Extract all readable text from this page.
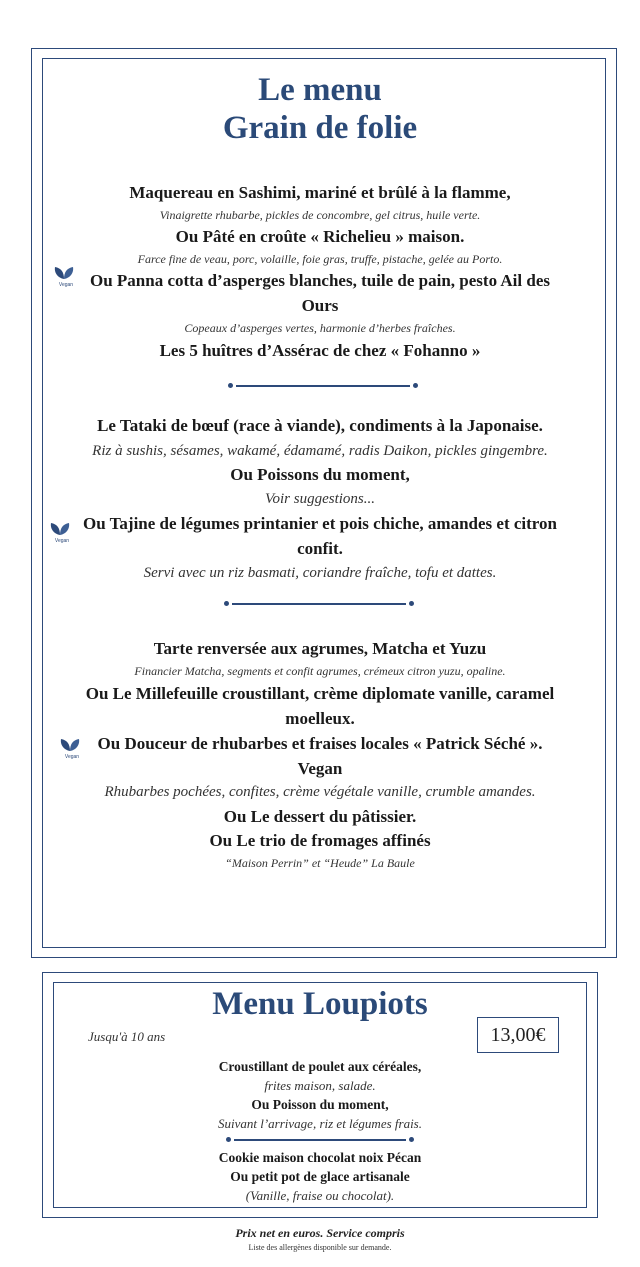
Le menu
Grain de folie
Maquereau en Sashimi, mariné et brûlé à la flamme,
Vinaigrette rhubarbe, pickles de concombre, gel citrus, huile verte.
Ou Pâté en croûte « Richelieu » maison.
Farce fine de veau, porc, volaille, foie gras, truffe, pistache, gelée au Porto.
Vegan Ou Panna cotta d’asperges blanches, tuile de pain, pesto Ail des
Ours
Copeaux d’asperges vertes, harmonie d’herbes fraîches.
Les 5 huîtres d’Assérac de chez « Fohanno »
Le Tataki de bœuf (race à viande), condiments à la Japonaise.
Riz à sushis, sésames, wakamé, édamamé, radis Daikon, pickles gingembre.
Ou Poissons du moment,
Voir suggestions...
Vegan
Ou Tajine de légumes printanier et pois chiche, amandes et citron
confit.
Servi avec un riz basmati, coriandre fraîche, tofu et dattes.
Tarte renversée aux agrumes, Matcha et Yuzu
Financier Matcha, segments et confit agrumes, crémeux citron yuzu, opaline.
Ou Le Millefeuille croustillant, crème diplomate vanille, caramel
moelleux.
Vegan
Ou Douceur de rhubarbes et fraises locales « Patrick Séché ».
Vegan
Rhubarbes pochées, confites, crème végétale vanille, crumble amandes.
Ou Le dessert du pâtissier.
Ou Le trio de fromages affinés
“Maison Perrin” et “Heude” La Baule
Menu Loupiots
Jusqu'à 10 ans	13,00€
Croustillant de poulet aux céréales,
frites maison, salade.
Ou Poisson du moment,
Suivant l’arrivage, riz et légumes frais.
Cookie maison chocolat noix Pécan
Ou petit pot de glace artisanale
(Vanille, fraise ou chocolat).
Prix net en euros. Service compris
Liste des allergènes disponible sur demande.
